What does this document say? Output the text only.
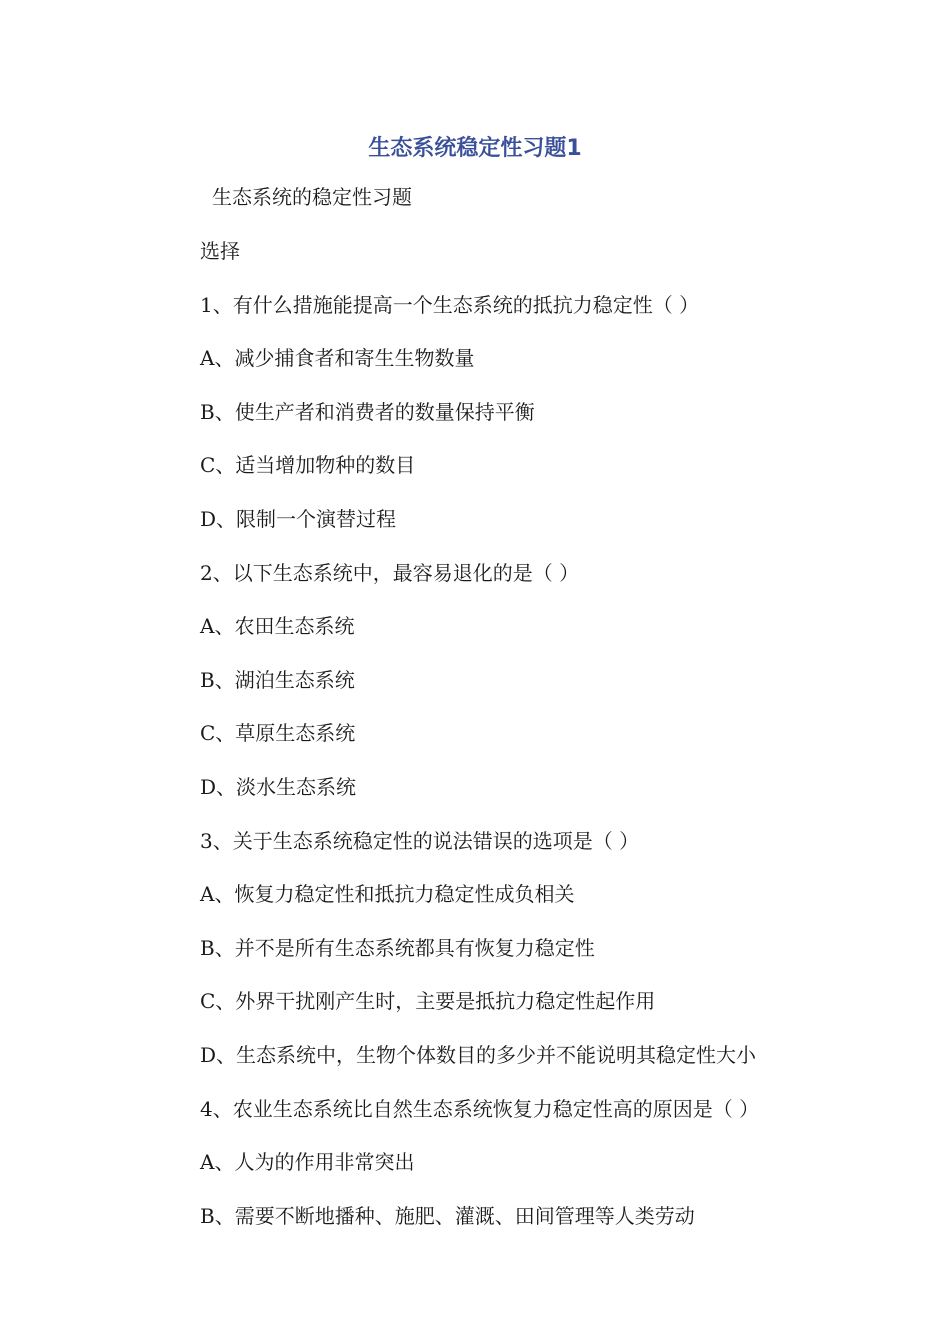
生态系统稳定性习题1

生态系统的稳定性习题

选择
1、有什么措施能提高一个生态系统的抵抗力稳定性（ ）
A、减少捕食者和寄生生物数量
B、使生产者和消费者的数量保持平衡
C、适当增加物种的数目
D、限制一个演替过程
2、以下生态系统中，最容易退化的是（ ）
A、农田生态系统
B、湖泊生态系统
C、草原生态系统
D、淡水生态系统
3、关于生态系统稳定性的说法错误的选项是（ ）
A、恢复力稳定性和抵抗力稳定性成负相关
B、并不是所有生态系统都具有恢复力稳定性
C、外界干扰刚产生时，主要是抵抗力稳定性起作用
D、生态系统中，生物个体数目的多少并不能说明其稳定性大小
4、农业生态系统比自然生态系统恢复力稳定性高的原因是（ ）
A、人为的作用非常突出
B、需要不断地播种、施肥、灌溉、田间管理等人类劳动
